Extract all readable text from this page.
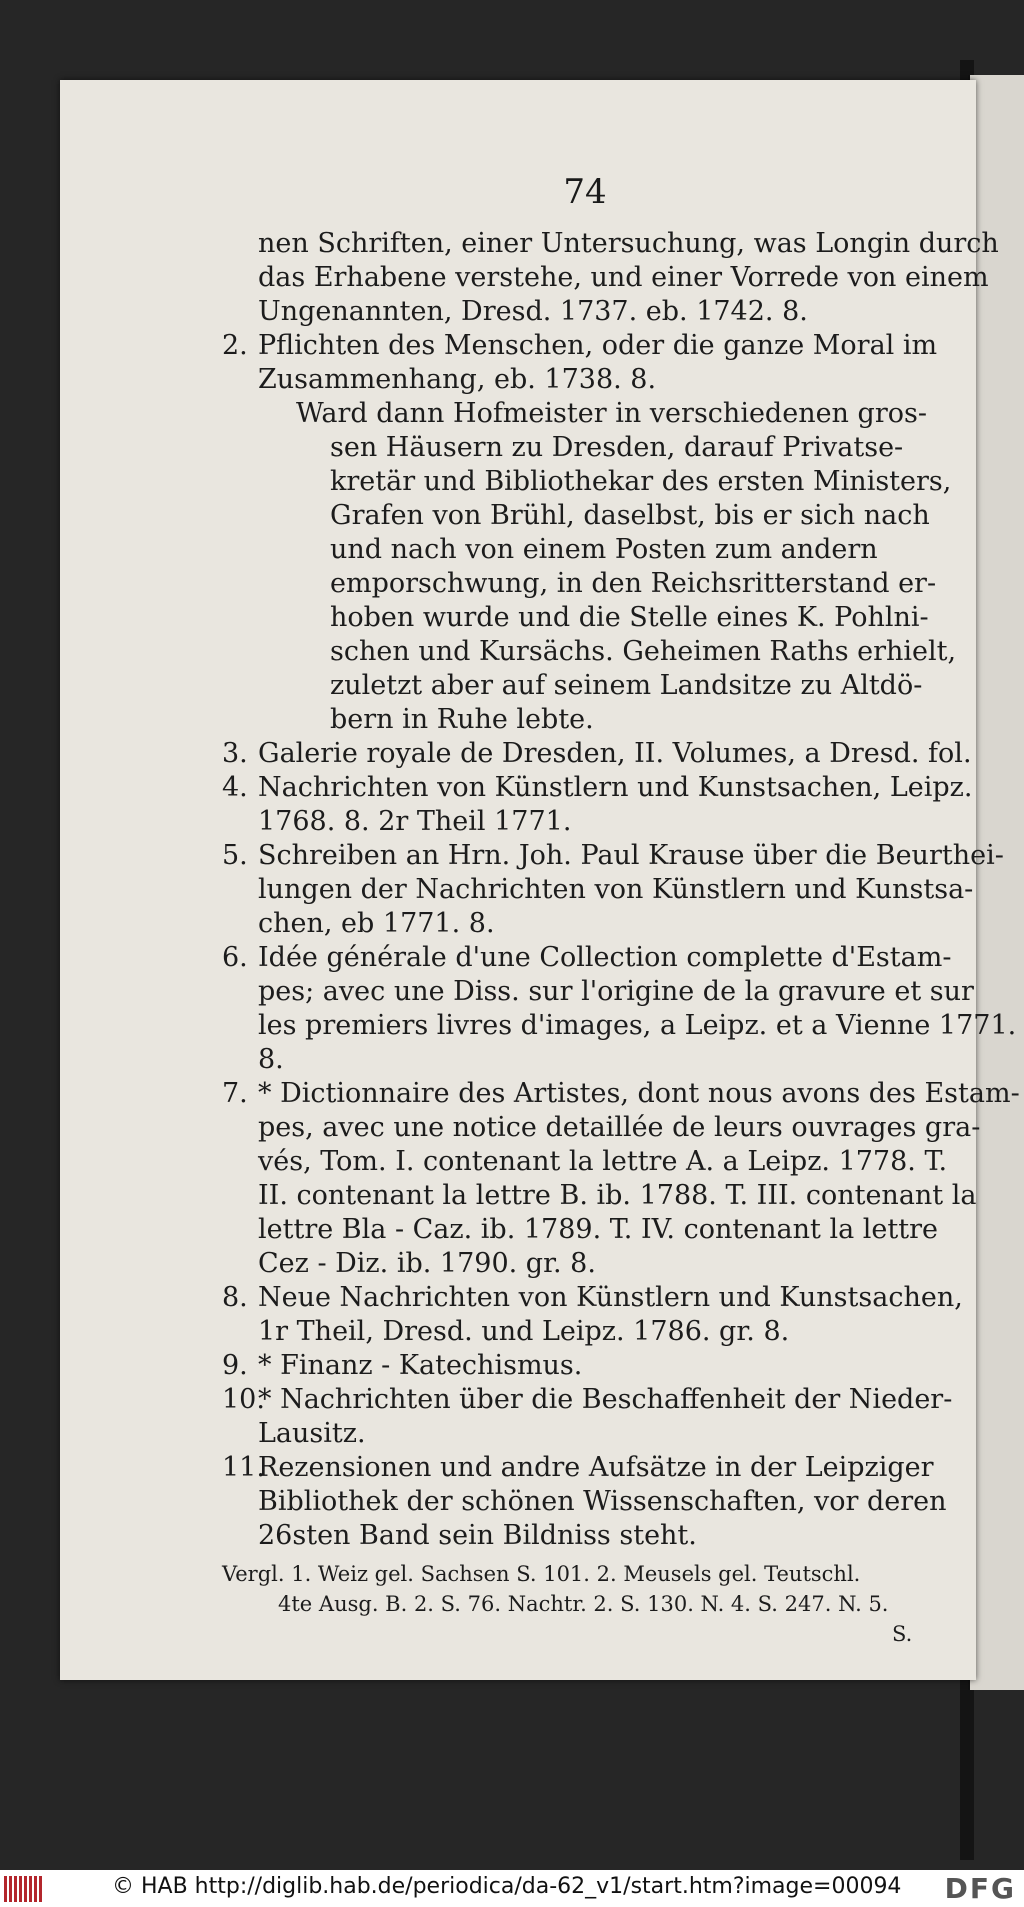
74
nen Schriften, einer Untersuchung, was Longin durch
das Erhabene verstehe, und einer Vorrede von einem
Ungenannten, Dresd. 1737. eb. 1742. 8.
2. Pflichten des Menschen, oder die ganze Moral im
Zusammenhang, eb. 1738. 8.
Ward dann Hofmeister in verschiedenen gros-
sen Häusern zu Dresden, darauf Privatse-
kretär und Bibliothekar des ersten Ministers,
Grafen von Brühl, daselbst, bis er sich nach
und nach von einem Posten zum andern
emporschwung, in den Reichsritterstand er-
hoben wurde und die Stelle eines K. Pohlni-
schen und Kursächs. Geheimen Raths erhielt,
zuletzt aber auf seinem Landsitze zu Altdö-
bern in Ruhe lebte.
3. Galerie royale de Dresden, II. Volumes, a Dresd. fol.
4. Nachrichten von Künstlern und Kunstsachen, Leipz.
1768. 8. 2r Theil 1771.
5. Schreiben an Hrn. Joh. Paul Krause über die Beurthei-
lungen der Nachrichten von Künstlern und Kunstsa-
chen, eb 1771. 8.
6. Idée générale d'une Collection complette d'Estam-
pes; avec une Diss. sur l'origine de la gravure et sur
les premiers livres d'images, a Leipz. et a Vienne 1771.
8.
7. * Dictionnaire des Artistes, dont nous avons des Estam-
pes, avec une notice detaillée de leurs ouvrages gra-
vés, Tom. I. contenant la lettre A. a Leipz. 1778. T.
II. contenant la lettre B. ib. 1788. T. III. contenant la
lettre Bla - Caz. ib. 1789. T. IV. contenant la lettre
Cez - Diz. ib. 1790. gr. 8.
8. Neue Nachrichten von Künstlern und Kunstsachen,
1r Theil, Dresd. und Leipz. 1786. gr. 8.
9. * Finanz - Katechismus.
10.
* Nachrichten über die Beschaffenheit der Nieder-
Lausitz.
11.
Rezensionen und andre Aufsätze in der Leipziger
Bibliothek der schönen Wissenschaften, vor deren
26sten Band sein Bildniss steht.
Vergl. 1. Weiz gel. Sachsen S. 101. 2. Meusels gel. Teutschl.
4te Ausg. B. 2. S. 76. Nachtr. 2. S. 130. N. 4. S. 247. N. 5.
S.
© HAB http://diglib.hab.de/periodica/da-62_v1/start.htm?image=00094 DFG
